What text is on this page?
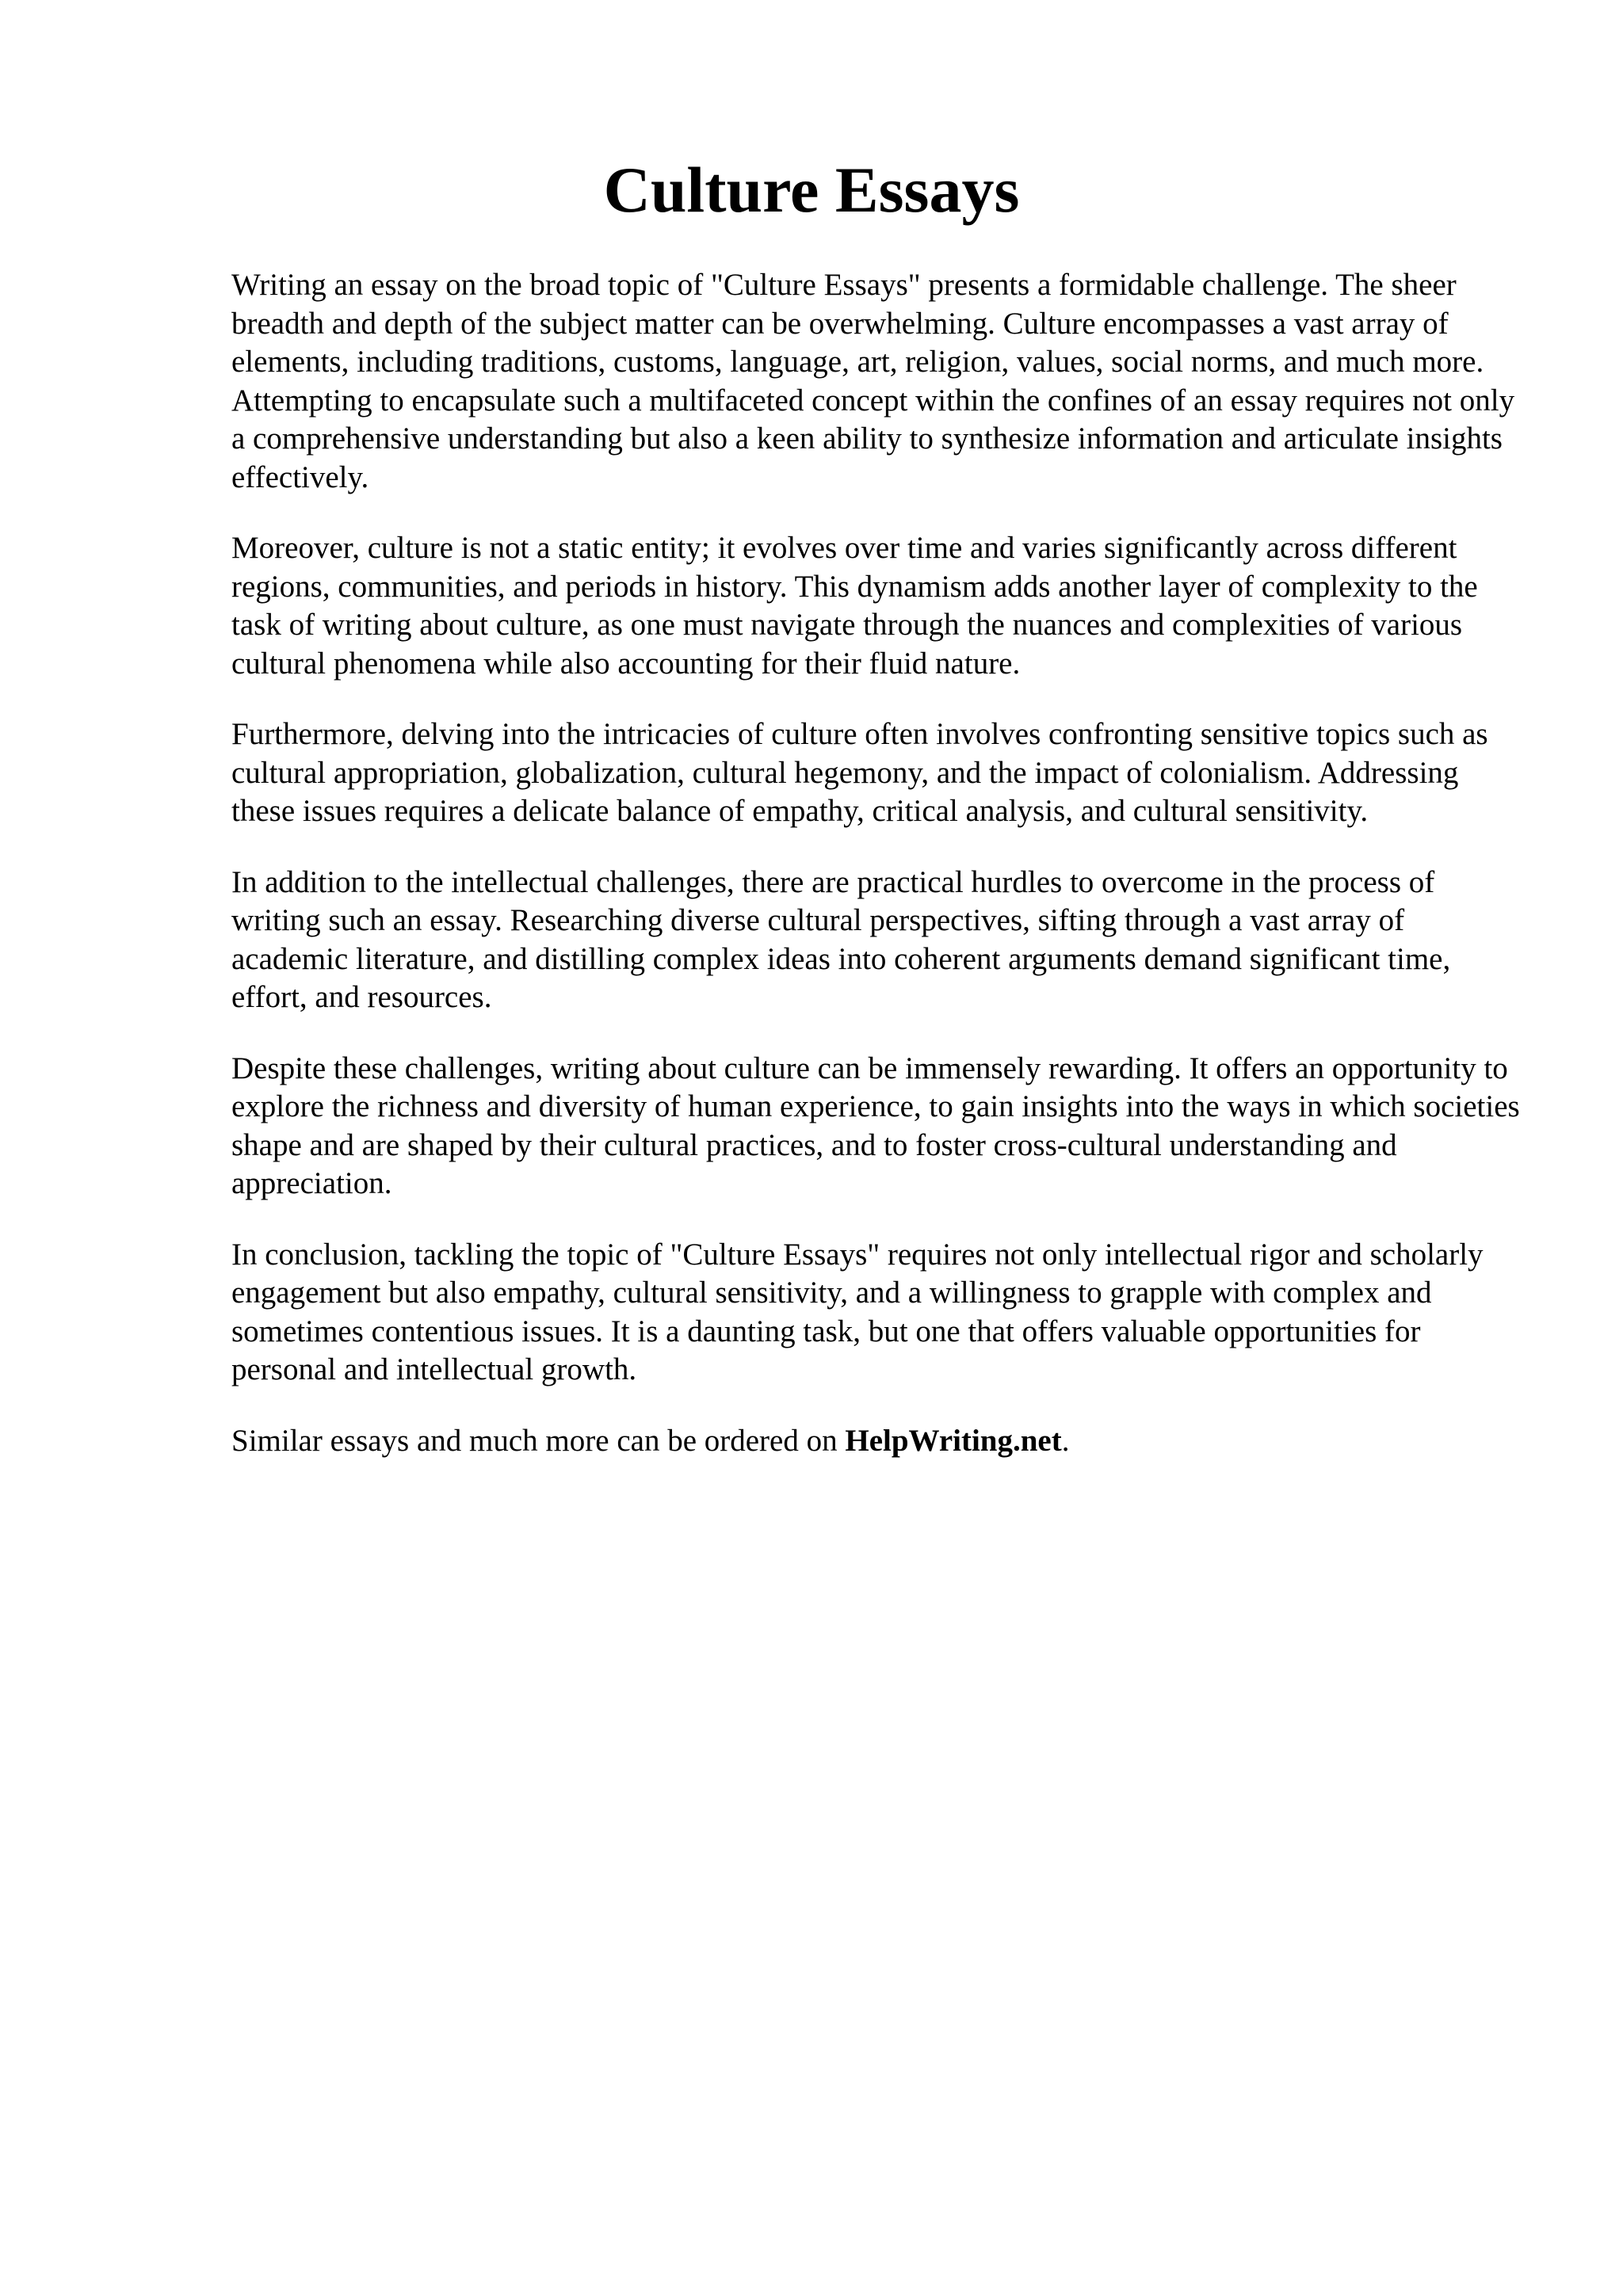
Culture Essays

Writing an essay on the broad topic of "Culture Essays" presents a formidable challenge. The sheer breadth and depth of the subject matter can be overwhelming. Culture encompasses a vast array of elements, including traditions, customs, language, art, religion, values, social norms, and much more. Attempting to encapsulate such a multifaceted concept within the confines of an essay requires not only a comprehensive understanding but also a keen ability to synthesize information and articulate insights effectively.

Moreover, culture is not a static entity; it evolves over time and varies significantly across different regions, communities, and periods in history. This dynamism adds another layer of complexity to the task of writing about culture, as one must navigate through the nuances and complexities of various cultural phenomena while also accounting for their fluid nature.

Furthermore, delving into the intricacies of culture often involves confronting sensitive topics such as cultural appropriation, globalization, cultural hegemony, and the impact of colonialism. Addressing these issues requires a delicate balance of empathy, critical analysis, and cultural sensitivity.

In addition to the intellectual challenges, there are practical hurdles to overcome in the process of writing such an essay. Researching diverse cultural perspectives, sifting through a vast array of academic literature, and distilling complex ideas into coherent arguments demand significant time, effort, and resources.

Despite these challenges, writing about culture can be immensely rewarding. It offers an opportunity to explore the richness and diversity of human experience, to gain insights into the ways in which societies shape and are shaped by their cultural practices, and to foster cross-cultural understanding and appreciation.

In conclusion, tackling the topic of "Culture Essays" requires not only intellectual rigor and scholarly engagement but also empathy, cultural sensitivity, and a willingness to grapple with complex and sometimes contentious issues. It is a daunting task, but one that offers valuable opportunities for personal and intellectual growth.

Similar essays and much more can be ordered on HelpWriting.net.
